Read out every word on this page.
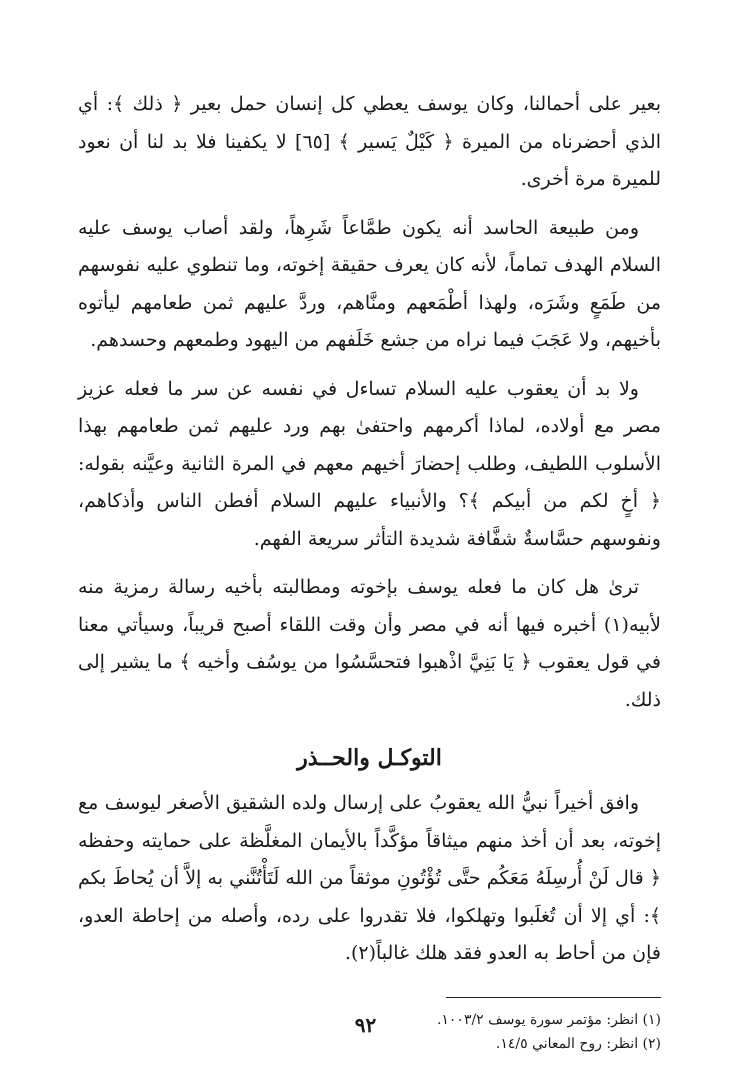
بعير على أحمالنا، وكان يوسف يعطي كل إنسان حمل بعير ﴿ ذلك ﴾: أي الذي أحضرناه من الميرة ﴿ كَيْلٌ يَسير ﴾ [٦٥] لا يكفينا فلا بد لنا أن نعود للميرة مرة أخرى.

ومن طبيعة الحاسد أنه يكون طمَّاعاً شَرِهاً، ولقد أصاب يوسف عليه السلام الهدف تماماً، لأنه كان يعرف حقيقة إخوته، وما تنطوي عليه نفوسهم من طَمَعٍ وشَرَه، ولهذا أطْمَعهم ومنَّاهم، وردَّ عليهم ثمن طعامهم ليأتوه بأخيهم، ولا عَجَبَ فيما نراه من جشع خَلَفهم من اليهود وطمعهم وحسدهم.

ولا بد أن يعقوب عليه السلام تساءل في نفسه عن سر ما فعله عزيز مصر مع أولاده، لماذا أكرمهم واحتفىٰ بهم ورد عليهم ثمن طعامهم بهذا الأسلوب اللطيف، وطلب إحضارَ أخيهم معهم في المرة الثانية وعيَّنه بقوله: ﴿ أخٍ لكم من أبيكم ﴾؟ والأنبياء عليهم السلام أفطن الناس وأذكاهم، ونفوسهم حسَّاسةٌ شفَّافة شديدة التأثر سريعة الفهم.

ترىٰ هل كان ما فعله يوسف بإخوته ومطالبته بأخيه رسالة رمزية منه لأبيه(١) أخبره فيها أنه في مصر وأن وقت اللقاء أصبح قريباً، وسيأتي معنا في قول يعقوب ﴿ يَا بَنِيَّ اذْهبوا فتحسَّسُوا من يوسُف وأخيه ﴾ ما يشير إلى ذلك.

التوكـل والحــذر

وافق أخيراً نبيُّ الله يعقوبُ على إرسال ولده الشقيق الأصغر ليوسف مع إخوته، بعد أن أخذ منهم ميثاقاً مؤكَّداً بالأيمان المغلَّظة على حمايته وحفظه ﴿ قال لَنْ أُرسِلَهُ مَعَكُم حتَّى تُؤْتُونِ موثقاً من الله لَتَأْتُنَّني به إلاَّ أن يُحاطَ بكم ﴾: أي إلا أن تُغلَبوا وتهلكوا، فلا تقدروا على رده، وأصله من إحاطة العدو، فإن من أحاط به العدو فقد هلك غالباً(٢).

(١) انظر: مؤتمر سورة يوسف ١٠٠٣/٢.

(٢) انظر: روح المعاني ١٤/٥.

٩٢
